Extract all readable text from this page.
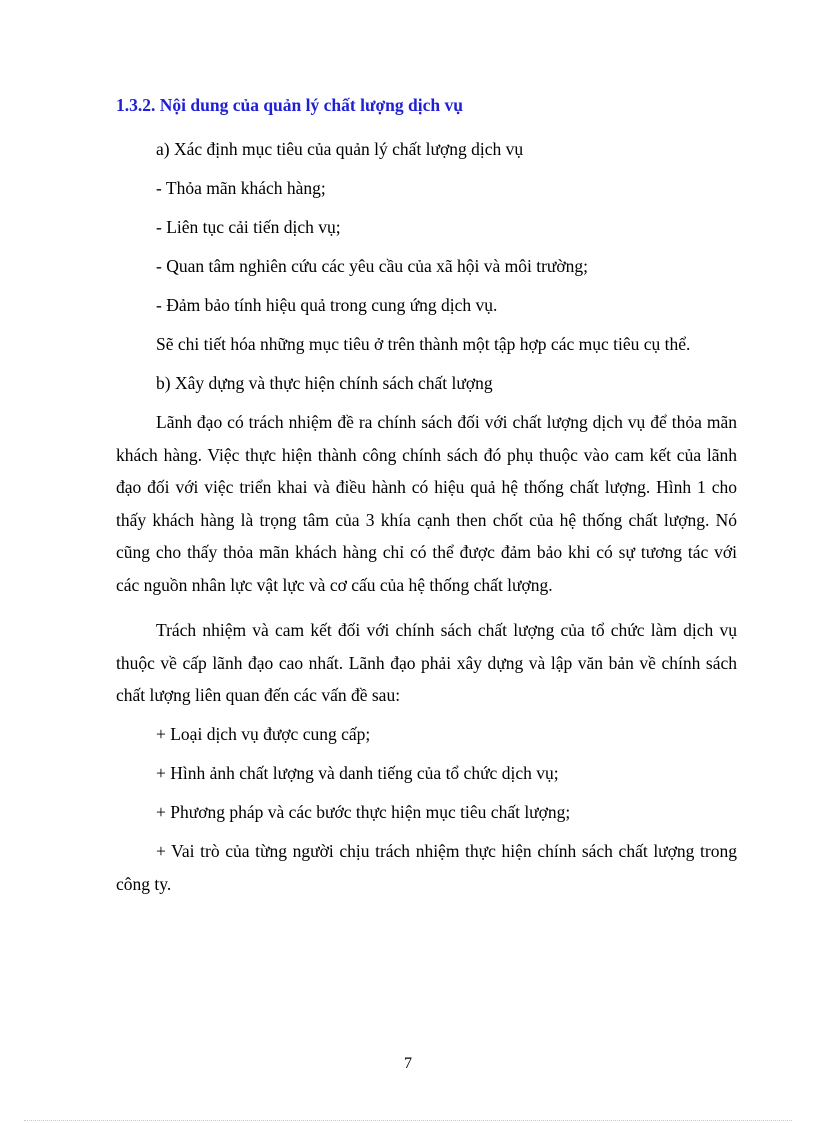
1.3.2. Nội dung của quản lý chất lượng dịch vụ
a) Xác định mục tiêu của quản lý chất lượng dịch vụ
- Thỏa mãn khách hàng;
- Liên tục cải tiến dịch vụ;
- Quan tâm nghiên cứu các yêu cầu của xã hội và môi trường;
- Đảm bảo tính hiệu quả trong cung ứng dịch vụ.
Sẽ chi tiết hóa những mục tiêu ở trên thành một tập hợp các mục tiêu cụ thể.
b) Xây dựng và thực hiện chính sách chất lượng
Lãnh đạo có trách nhiệm đề ra chính sách đối với chất lượng dịch vụ để thỏa mãn khách hàng. Việc thực hiện thành công chính sách đó phụ thuộc vào cam kết của lãnh đạo đối với việc triển khai và điều hành có hiệu quả hệ thống chất lượng. Hình 1 cho thấy khách hàng là trọng tâm của 3 khía cạnh then chốt của hệ thống chất lượng. Nó cũng cho thấy thỏa mãn khách hàng chỉ có thể được đảm bảo khi có sự tương tác với các nguồn nhân lực vật lực và cơ cấu của hệ thống chất lượng.
Trách nhiệm và cam kết đối với chính sách chất lượng của tổ chức làm dịch vụ thuộc về cấp lãnh đạo cao nhất. Lãnh đạo phải xây dựng và lập văn bản về chính sách chất lượng liên quan đến các vấn đề sau:
+ Loại dịch vụ được cung cấp;
+ Hình ảnh chất lượng và danh tiếng của tổ chức dịch vụ;
+ Phương pháp và các bước thực hiện mục tiêu chất lượng;
+ Vai trò của từng người chịu trách nhiệm thực hiện chính sách chất lượng trong công ty.
7
